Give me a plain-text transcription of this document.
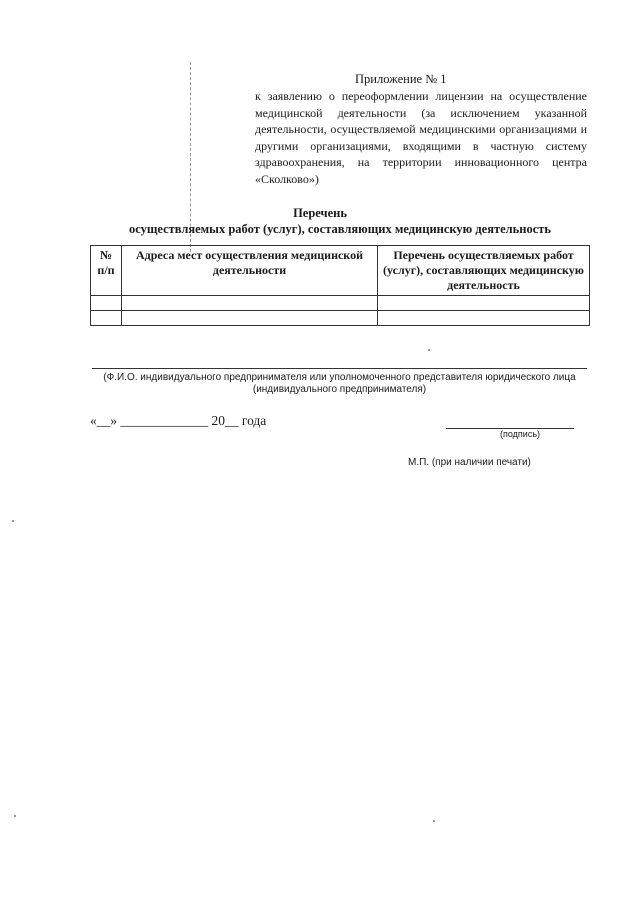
Приложение № 1
к заявлению о переоформлении лицензии на осуществление медицинской деятельности (за исключением указанной деятельности, осуществляемой медицинскими организациями и другими организациями, входящими в частную систему здравоохранения, на территории инновационного центра «Сколково»)
Перечень
осуществляемых работ (услуг), составляющих медицинскую деятельность
№ п/п	Адреса мест осуществления медицинской деятельности	Перечень осуществляемых работ (услуг), составляющих медицинскую деятельность

(Ф.И.О. индивидуального предпринимателя или уполномоченного представителя юридического лица (индивидуального предпринимателя)
«__» _____________ 20__ года
(подпись)
М.П. (при наличии печати)
